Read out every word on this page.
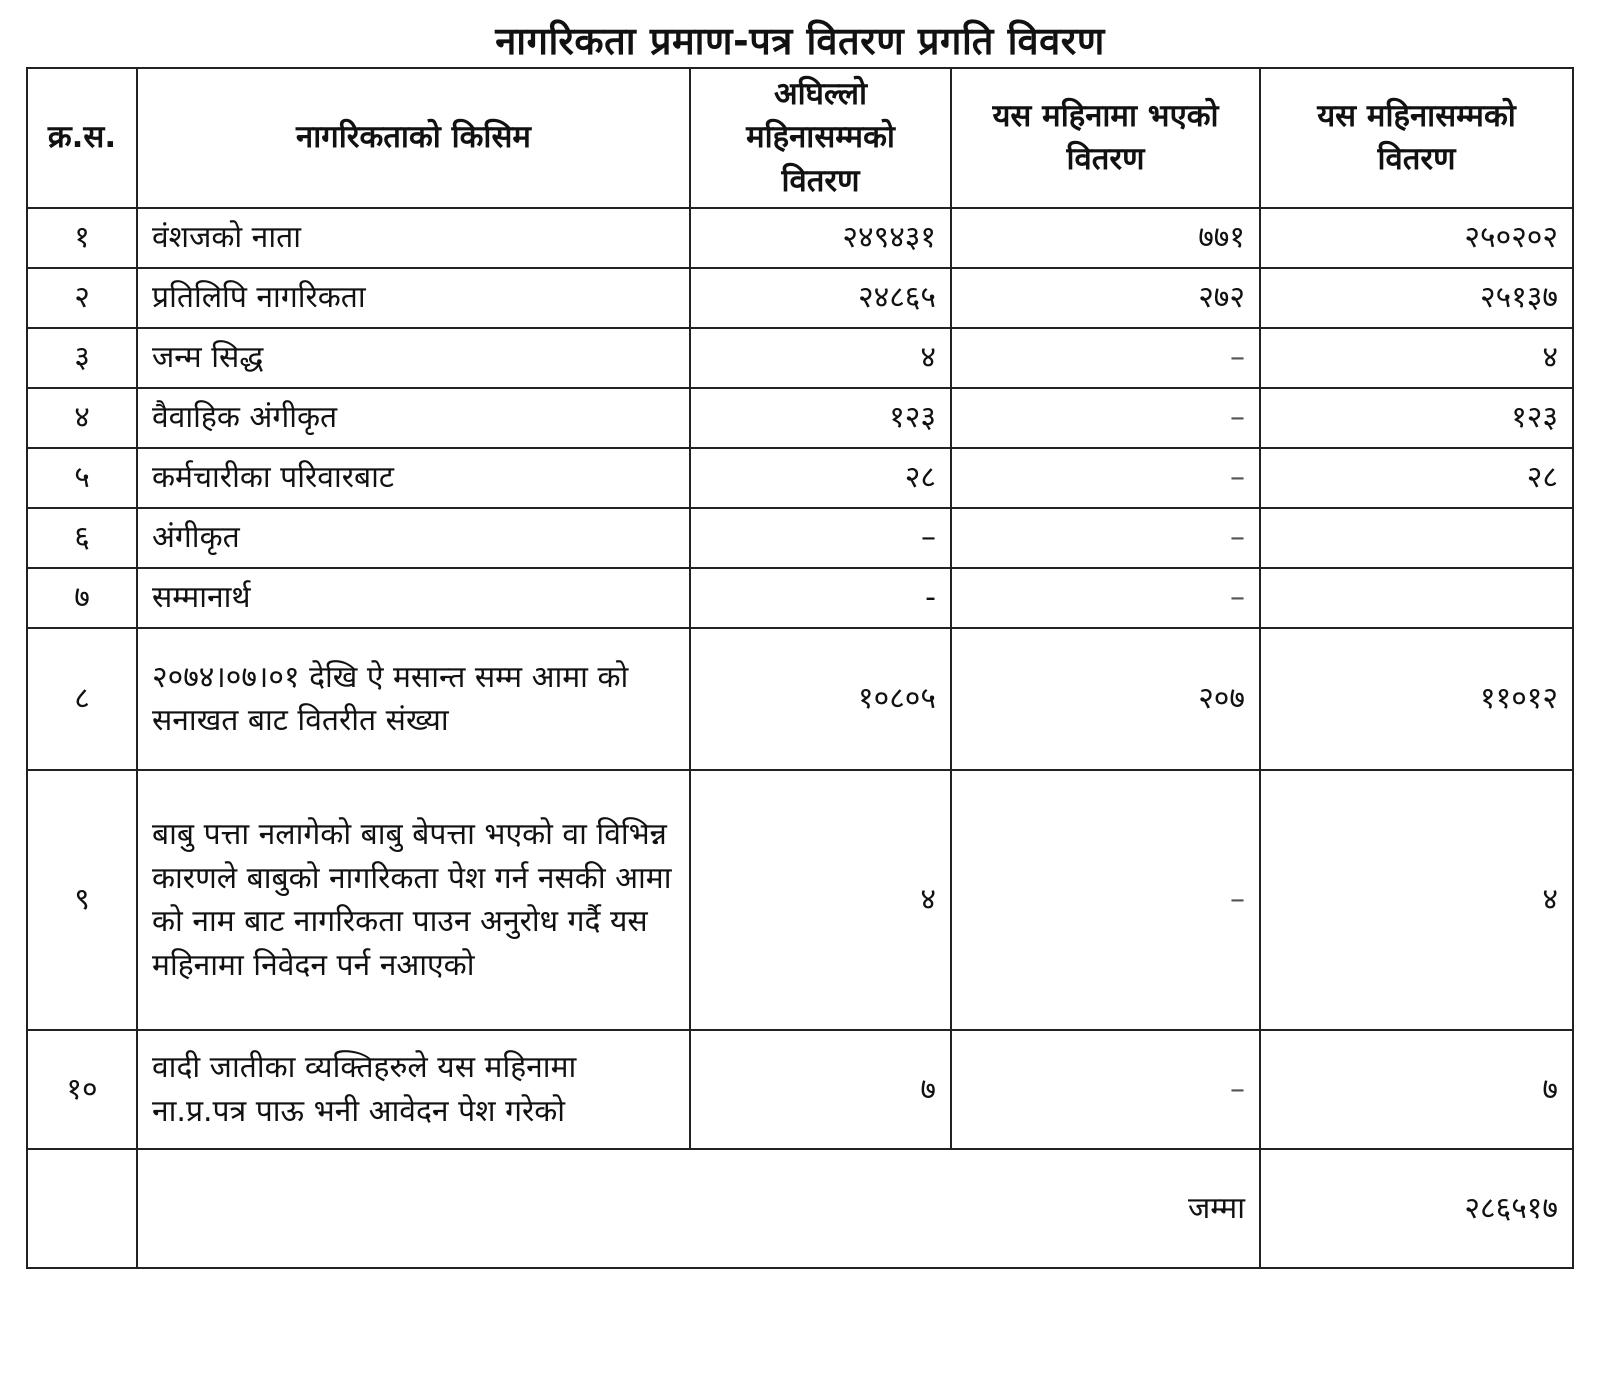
नागरिकता प्रमाण-पत्र वितरण प्रगति विवरण
क्र.स.	नागरिकताको किसिम	अघिल्लो महिनासम्मको वितरण	यस महिनामा भएको वितरण	यस महिनासम्मको वितरण
१	वंशजको नाता	२४९४३१	७७१	२५०२०२
२	प्रतिलिपि नागरिकता	२४८६५	२७२	२५१३७
३	जन्म सिद्ध	४	–	४
४	वैवाहिक अंगीकृत	१२३	–	१२३
५	कर्मचारीका परिवारबाट	२८	–	२८
६	अंगीकृत	–	–	
७	सम्मानार्थ	-	–	
८	२०७४।०७।०१ देखि ऐ मसान्त सम्म आमा को सनाखत बाट वितरीत संख्या	१०८०५	२०७	११०१२
९	बाबु पत्ता नलागेको बाबु बेपत्ता भएको वा विभिन्न कारणले बाबुको नागरिकता पेश गर्न नसकी आमा को नाम बाट नागरिकता पाउन अनुरोध गर्दै यस महिनामा निवेदन पर्न नआएको	४	–	४
१०	वादी जातीका व्यक्तिहरुले यस महिनामा ना.प्र.पत्र पाऊ भनी आवेदन पेश गरेको	७	–	७
	जम्मा			२८६५१७
